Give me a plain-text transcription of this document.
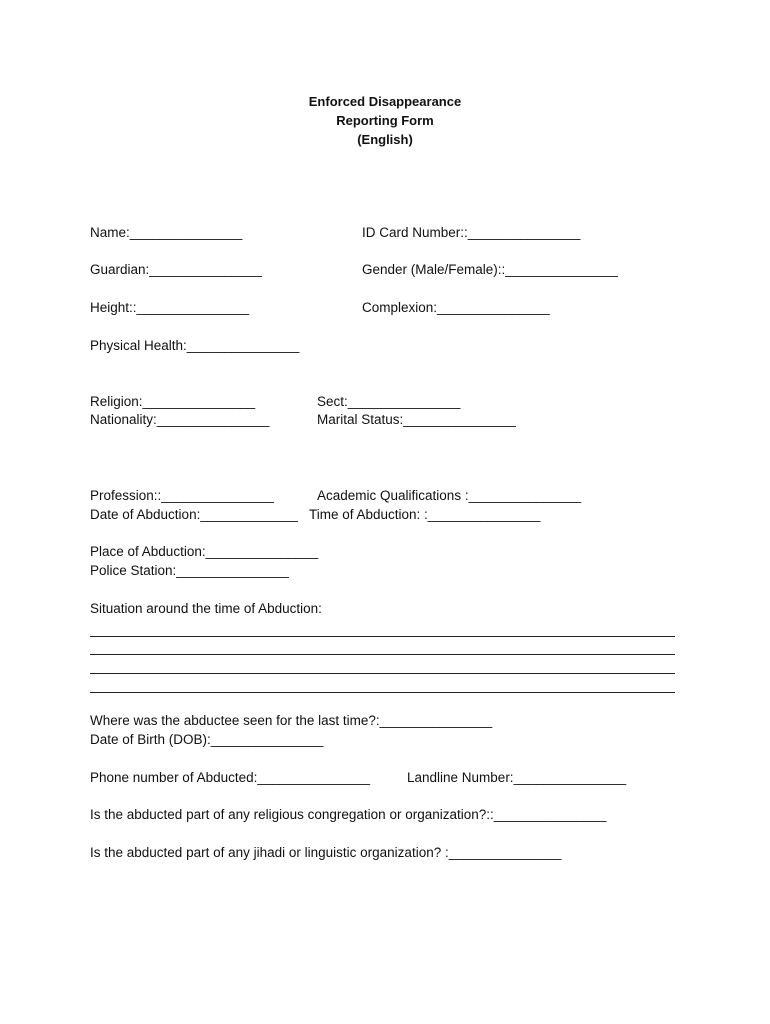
Enforced Disappearance
Reporting Form
(English)
Name:_______________	ID Card Number::_______________
Guardian:_______________	Gender (Male/Female)::_______________
Height::_______________	Complexion:_______________
Physical Health:_______________
Religion:_______________	Sect:_______________
Nationality:_______________	Marital Status:_______________
Profession::_______________	Academic Qualifications :_______________
Date of Abduction:_____________ Time of Abduction: :_______________
Place of Abduction:_______________
Police Station:_______________
Situation around the time of Abduction:
Where was the abductee seen for the last time?:_______________
Date of Birth (DOB):_______________
Phone number of Abducted:_______________	Landline Number:_______________
Is the abducted part of any religious congregation or organization?::_______________
Is the abducted part of any jihadi or linguistic organization? :_______________
